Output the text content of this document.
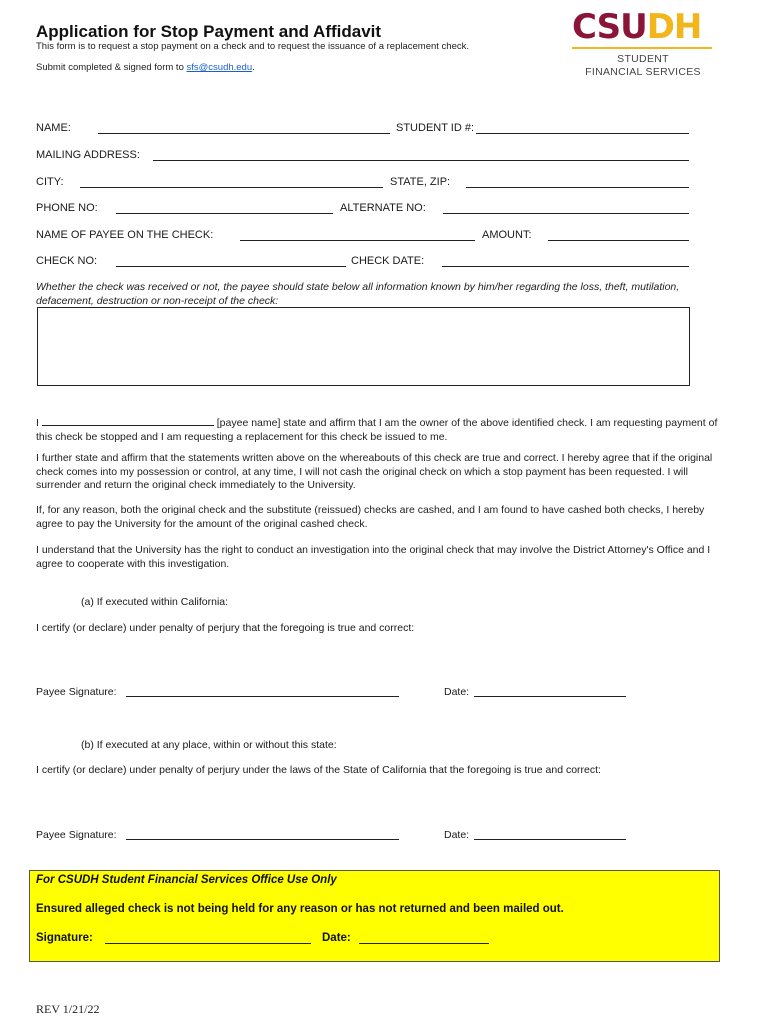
Application for Stop Payment and Affidavit
This form is to request a stop payment on a check and to request the issuance of a replacement check.
Submit completed & signed form to sfs@csudh.edu.
CSUDH
STUDENT
FINANCIAL SERVICES
NAME:	STUDENT ID #:
MAILING ADDRESS:
CITY:	STATE, ZIP:
PHONE NO:	ALTERNATE NO:
NAME OF PAYEE ON THE CHECK:	AMOUNT:
CHECK NO:	CHECK DATE:
Whether the check was received or not, the payee should state below all information known by him/her regarding the loss, theft, mutilation, defacement, destruction or non-receipt of the check:
I	[payee name] state and affirm that I am the owner of the above identified check. I am requesting payment of this check be stopped and I am requesting a replacement for this check be issued to me.
I further state and affirm that the statements written above on the whereabouts of this check are true and correct. I hereby agree that if the original check comes into my possession or control, at any time, I will not cash the original check on which a stop payment has been requested. I will surrender and return the original check immediately to the University.
If, for any reason, both the original check and the substitute (reissued) checks are cashed, and I am found to have cashed both checks, I hereby agree to pay the University for the amount of the original cashed check.
I understand that the University has the right to conduct an investigation into the original check that may involve the District Attorney's Office and I agree to cooperate with this investigation.
(a) If executed within California:
I certify (or declare) under penalty of perjury that the foregoing is true and correct:
Payee Signature:	Date:
(b) If executed at any place, within or without this state:
I certify (or declare) under penalty of perjury under the laws of the State of California that the foregoing is true and correct:
Payee Signature:	Date:
For CSUDH Student Financial Services Office Use Only
Ensured alleged check is not being held for any reason or has not returned and been mailed out.
Signature:	Date:
REV 1/21/22
